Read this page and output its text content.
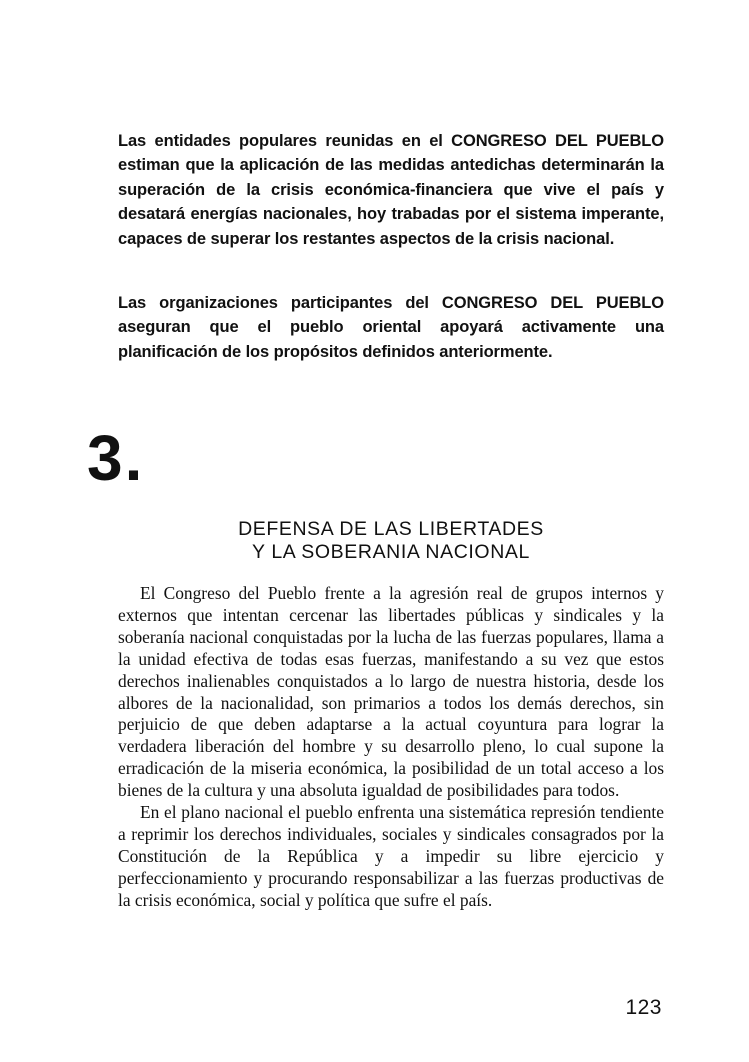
Las entidades populares reunidas en el CONGRESO DEL PUEBLO estiman que la aplicación de las medidas antedichas determinarán la superación de la crisis económica-financiera que vive el país y desatará energías nacionales, hoy trabadas por el sistema imperante, capaces de superar los restantes aspectos de la crisis nacional.

Las organizaciones participantes del CONGRESO DEL PUEBLO aseguran que el pueblo oriental apoyará activamente una planificación de los propósitos definidos anteriormente.

3.
DEFENSA DE LAS LIBERTADES
Y LA SOBERANIA NACIONAL

El Congreso del Pueblo frente a la agresión real de grupos internos y externos que intentan cercenar las libertades públicas y sindicales y la soberanía nacional conquistadas por la lucha de las fuerzas populares, llama a la unidad efectiva de todas esas fuerzas, manifestando a su vez que estos derechos inalienables conquistados a lo largo de nuestra historia, desde los albores de la nacionalidad, son primarios a todos los demás derechos, sin perjuicio de que deben adaptarse a la actual coyuntura para lograr la verdadera liberación del hombre y su desarrollo pleno, lo cual supone la erradicación de la miseria económica, la posibilidad de un total acceso a los bienes de la cultura y una absoluta igualdad de posibilidades para todos.

En el plano nacional el pueblo enfrenta una sistemática represión tendiente a reprimir los derechos individuales, sociales y sindicales consagrados por la Constitución de la República y a impedir su libre ejercicio y perfeccionamiento y procurando responsabilizar a las fuerzas productivas de la crisis económica, social y política que sufre el país.

123
